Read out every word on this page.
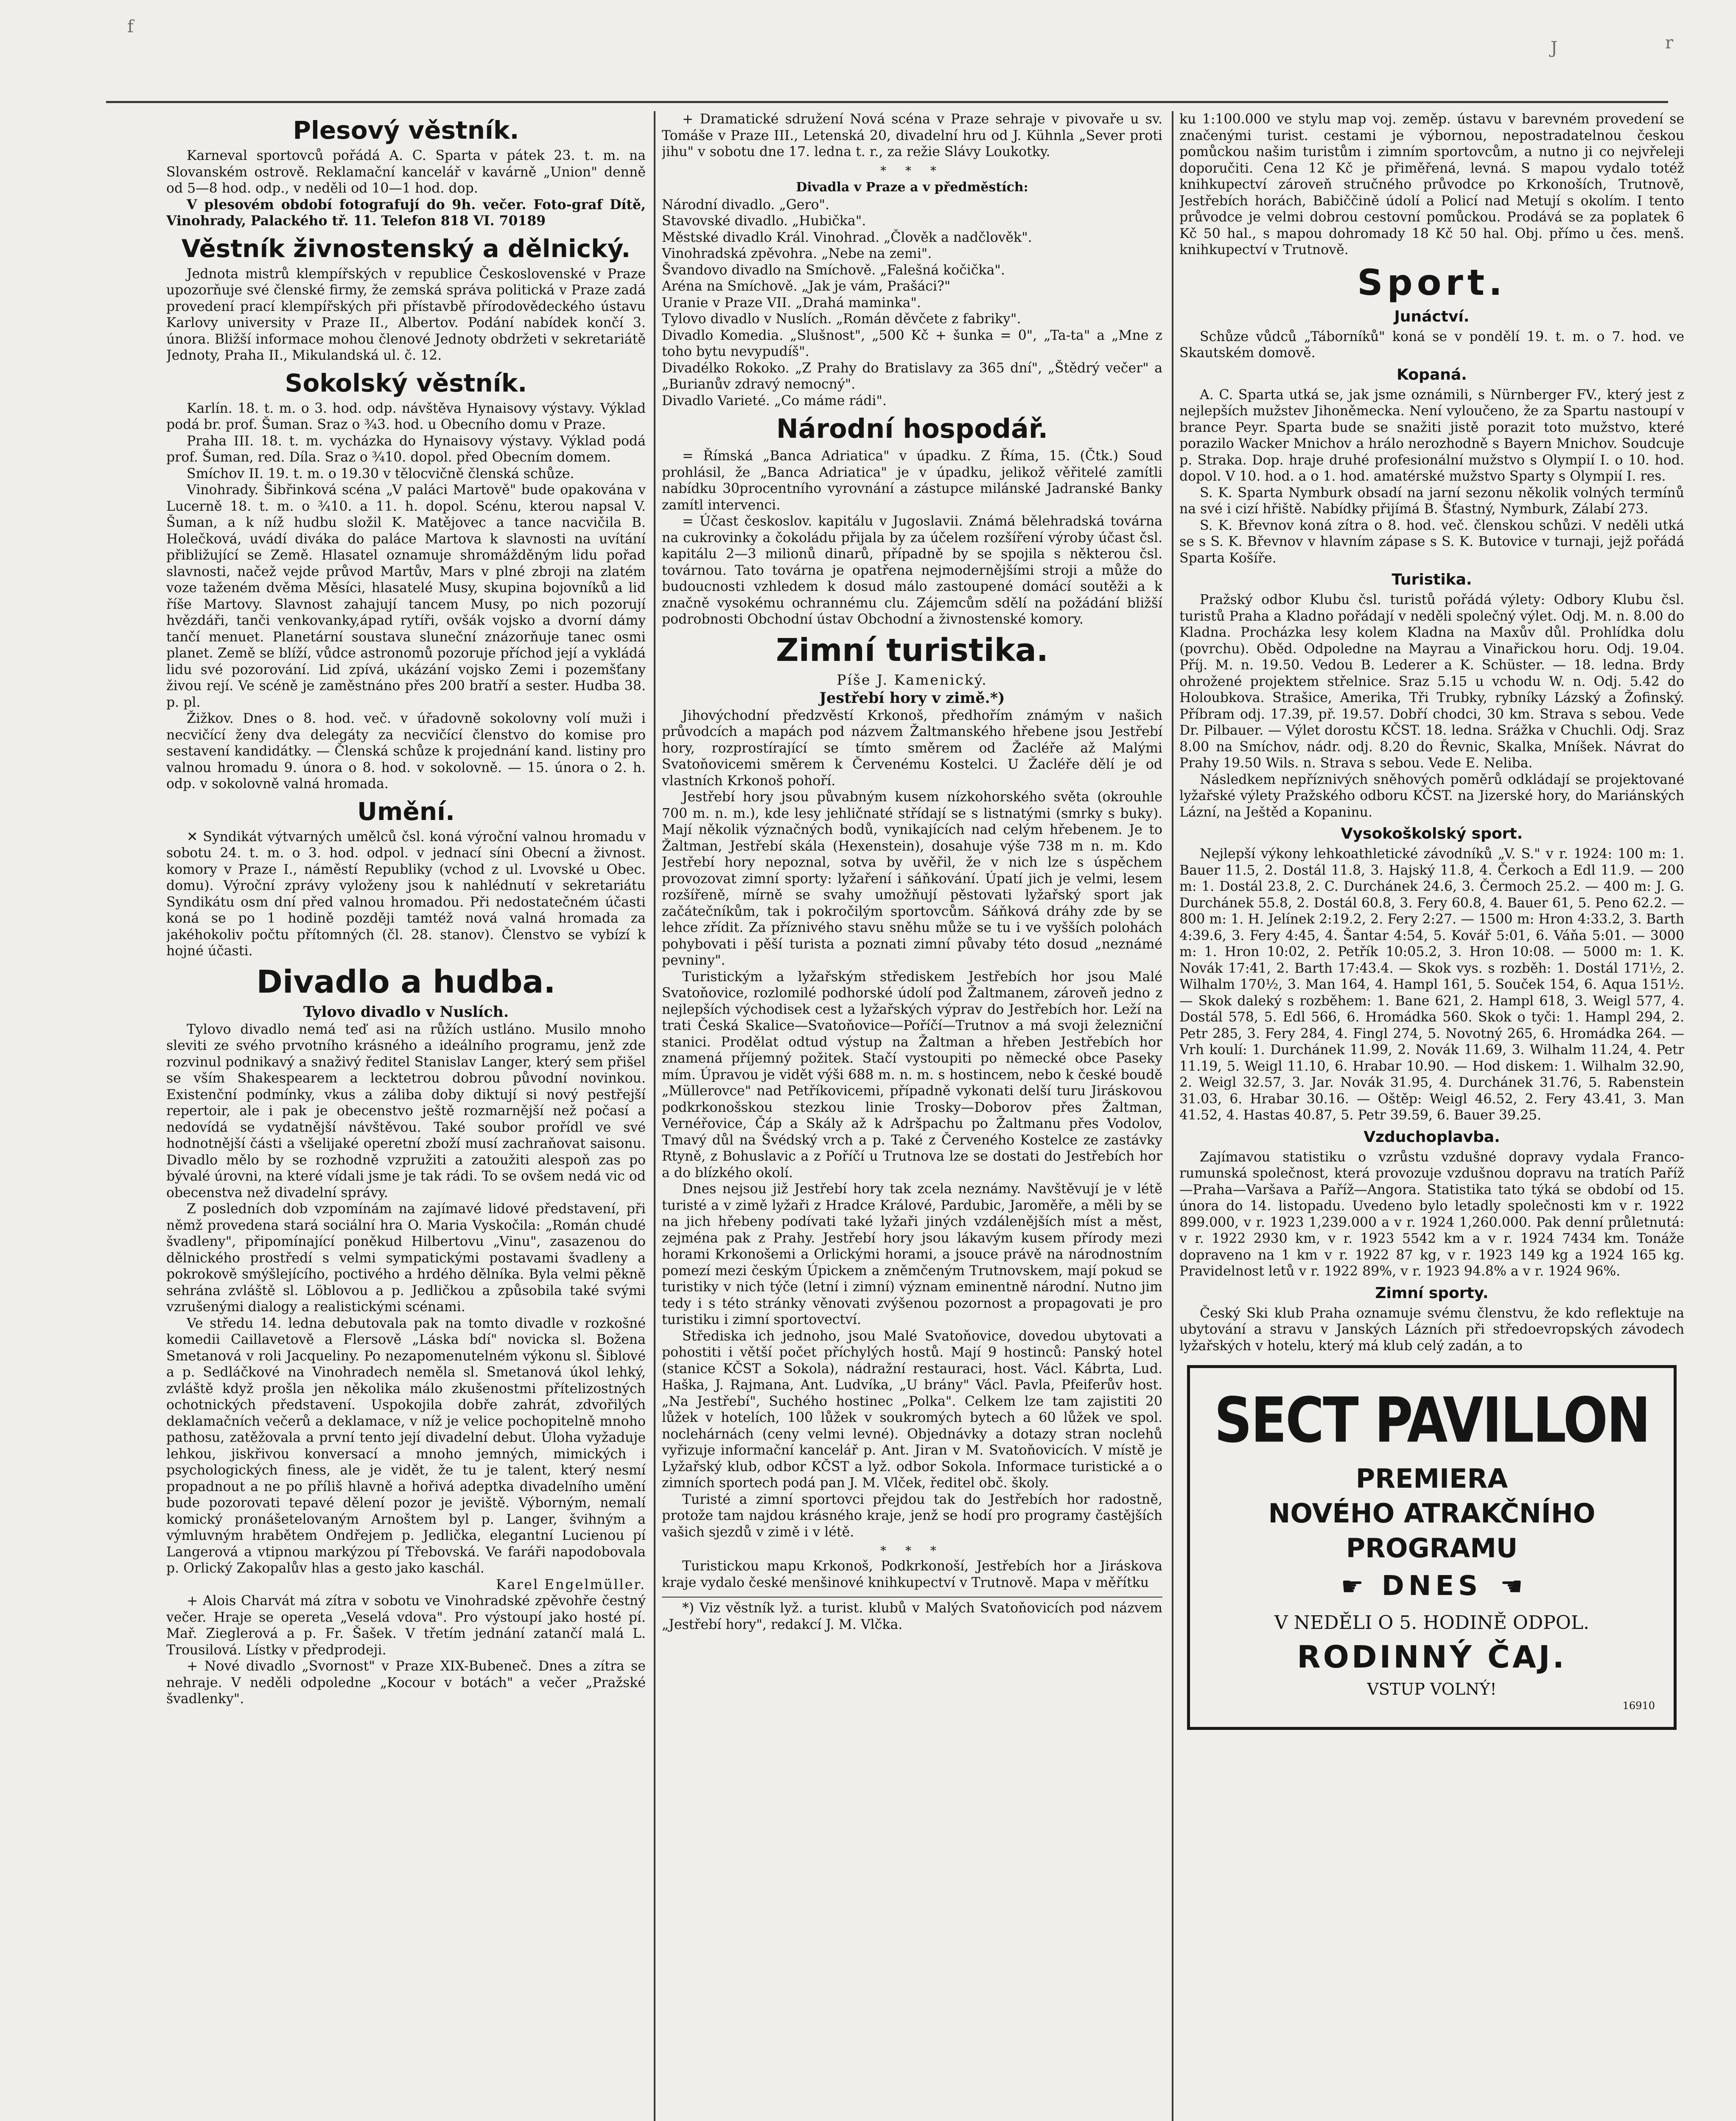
f
J	r
Plesový věstník.

Karneval sportovců pořádá A. C. Sparta v pátek 23. t. m. na Slovanském ostrově. Reklamační kancelář v kavárně „Union" denně od 5—8 hod. odp., v neděli od 10—1 hod. dop.

V plesovém období fotografují do 9h. večer. Foto-graf Dítě, Vinohrady, Palackého tř. 11. Telefon 818 VI. 70189

Věstník živnostenský a dělnický.

Jednota mistrů klempířských v republice Československé v Praze upozorňuje své členské firmy, že zemská správa politická v Praze zadá provedení prací klempířských při přístavbě přírodovědeckého ústavu Karlovy university v Praze II., Albertov. Podání nabídek končí 3. února. Bližší informace mohou členové Jednoty obdržeti v sekretariátě Jednoty, Praha II., Mikulandská ul. č. 12.

Sokolský věstník.

Karlín. 18. t. m. o 3. hod. odp. návštěva Hynaisovy výstavy. Výklad podá br. prof. Šuman. Sraz o ¾3. hod. u Obecního domu v Praze.

Praha III. 18. t. m. vycházka do Hynaisovy výstavy. Výklad podá prof. Šuman, red. Díla. Sraz o ¾10. dopol. před Obecním domem.

Smíchov II. 19. t. m. o 19.30 v tělocvičně členská schůze.

Vinohrady. Šibřinková scéna „V paláci Martově" bude opakována v Lucerně 18. t. m. o ¾10. a 11. h. dopol. Scénu, kterou napsal V. Šuman, a k níž hudbu složil K. Matějovec a tance nacvičila B. Holečková, uvádí diváka do paláce Martova k slavnosti na uvítání přibližující se Země. Hlasatel oznamuje shromážděným lidu pořad slavnosti, načež vejde průvod Martův, Mars v plné zbroji na zlatém voze taženém dvěma Měsíci, hlasatelé Musy, skupina bojovníků a lid říše Martovy. Slavnost zahajují tancem Musy, po nich pozorují hvězdáři, tanči venkovanky,ápad rytíři, ovšák vojsko a dvorní dámy tančí menuet. Planetární soustava sluneční znázorňuje tanec osmi planet. Země se blíží, vůdce astronomů pozoruje příchod její a vykládá lidu své pozorování. Lid zpívá, ukázání vojsko Zemi i pozemšťany živou rejí. Ve scéně je zaměstnáno přes 200 bratří a sester. Hudba 38. p. pl.

Žižkov. Dnes o 8. hod. več. v úřadovně sokolovny volí muži i necvičící ženy dva delegáty za necvičící členstvo do komise pro sestavení kandidátky. — Členská schůze k projednání kand. listiny pro valnou hromadu 9. února o 8. hod. v sokolovně. — 15. února o 2. h. odp. v sokolovně valná hromada.

Umění.

✕ Syndikát výtvarných umělců čsl. koná výroční valnou hromadu v sobotu 24. t. m. o 3. hod. odpol. v jednací síni Obecní a živnost. komory v Praze I., náměstí Republiky (vchod z ul. Lvovské u Obec. domu). Výroční zprávy vyloženy jsou k nahlédnutí v sekretariátu Syndikátu osm dní před valnou hromadou. Při nedostatečném účasti koná se po 1 hodině později tamtéž nová valná hromada za jakéhokoliv počtu přítomných (čl. 28. stanov). Členstvo se vybízí k hojné účasti.

Divadlo a hudba.
Tylovo divadlo v Nuslích.

Tylovo divadlo nemá teď asi na růžích ustláno. Musilo mnoho sleviti ze svého prvotního krásného a ideálního programu, jenž zde rozvinul podnikavý a snaživý ředitel Stanislav Langer, který sem přišel se vším Shakespearem a lecktetrou dobrou původní novinkou. Existenční podmínky, vkus a záliba doby diktují si nový pestřejší repertoir, ale i pak je obecenstvo ještě rozmarnější než počasí a nedovídá se vydatnější návštěvou. Také soubor prořídl ve své hodnotnější části a všelijaké operetní zboží musí zachraňovat saisonu. Divadlo mělo by se rozhodně vzpružiti a zatoužiti alespoň zas po bývalé úrovni, na které vídali jsme je tak rádi. To se ovšem nedá vic od obecenstva než divadelní správy.

Z posledních dob vzpomínám na zajímavé lidové představení, při němž provedena stará sociální hra O. Maria Vyskočila: „Román chudé švadleny", připomínající poněkud Hilbertovu „Vinu", zasazenou do dělnického prostředí s velmi sympatickými postavami švadleny a pokrokově smýšlejícího, poctivého a hrdého dělníka. Byla velmi pěkně sehrána zvláště sl. Löblovou a p. Jedličkou a způsobila také svými vzrušenými dialogy a realistickými scénami.

Ve středu 14. ledna debutovala pak na tomto divadle v rozkošné komedii Caillavetově a Flersově „Láska bdí" novicka sl. Božena Smetanová v roli Jacqueliny. Po nezapomenutelném výkonu sl. Šiblové a p. Sedláčkové na Vinohradech neměla sl. Smetanová úkol lehký, zvláště když prošla jen několika málo zkušenostmi přítelizostných ochotnických představení. Uspokojila dobře zahrát, zdvořilých deklamačních večerů a deklamace, v níž je velice pochopitelně mnoho pathosu, zatěžovala a první tento její divadelní debut. Úloha vyžaduje lehkou, jiskřivou konversací a mnoho jemných, mimických i psychologických finess, ale je vidět, že tu je talent, který nesmí propadnout a ne po příliš hlavně a hořivá adeptka divadelního umění bude pozorovati tepavé dělení pozor je jeviště. Výborným, nemalí komický pronášetelovaným Arnoštem byl p. Langer, švihným a výmluvným hrabětem Ondřejem p. Jedlička, elegantní Lucienou pí Langerová a vtipnou markýzou pí Třebovská. Ve faráři napodobovala p. Orlický Zakopalův hlas a gesto jako kaschál.

Karel Engelmüller.

+ Alois Charvát má zítra v sobotu ve Vinohradské zpěvohře čestný večer. Hraje se opereta „Veselá vdova". Pro výstoupí jako hosté pí. Mař. Zieglerová a p. Fr. Šašek. V třetím jednání zatančí malá L. Trousilová. Lístky v předprodeji.

+ Nové divadlo „Svornost" v Praze XIX-Bubeneč. Dnes a zítra se nehraje. V neděli odpoledne „Kocour v botách" a večer „Pražské švadlenky".

+ Dramatické sdružení Nová scéna v Praze sehraje v pivovaře u sv. Tomáše v Praze III., Letenská 20, divadelní hru od J. Kühnla „Sever proti jihu" v sobotu dne 17. ledna t. r., za režie Slávy Loukotky.

* * *
Divadla v Praze a v předměstích:

Národní divadlo. „Gero".

Stavovské divadlo. „Hubička".

Městské divadlo Král. Vinohrad. „Člověk a nadčlověk".

Vinohradská zpěvohra. „Nebe na zemi".

Švandovo divadlo na Smíchově. „Falešná kočička".

Aréna na Smíchově. „Jak je vám, Prašáci?"

Uranie v Praze VII. „Drahá maminka".

Tylovo divadlo v Nuslích. „Román děvčete z fabriky".

Divadlo Komedia. „Slušnost", „500 Kč + šunka = 0", „Ta-ta" a „Mne z toho bytu nevypudíš".

Divadélko Rokoko. „Z Prahy do Bratislavy za 365 dní", „Štědrý večer" a „Burianův zdravý nemocný".

Divadlo Varieté. „Co máme rádi".

Národní hospodář.

= Římská „Banca Adriatica" v úpadku. Z Říma, 15. (Čtk.) Soud prohlásil, že „Banca Adriatica" je v úpadku, jelikož věřitelé zamítli nabídku 30procentního vyrovnání a zástupce milánské Jadranské Banky zamítl intervenci.

= Účast českoslov. kapitálu v Jugoslavii. Známá bělehradská továrna na cukrovinky a čokoládu přijala by za účelem rozšíření výroby účast čsl. kapitálu 2—3 milionů dinarů, případně by se spojila s některou čsl. továrnou. Tato továrna je opatřena nejmodernějšími stroji a může do budoucnosti vzhledem k dosud málo zastoupené domácí soutěži a k značně vysokému ochrannému clu. Zájemcům sdělí na požádání bližší podrobnosti Obchodní ústav Obchodní a živnostenské komory.

Zimní turistika.
Píše J. Kamenický.
Jestřebí hory v zimě.*)

Jihovýchodní předzvěstí Krkonoš, předhořím známým v našich průvodcích a mapách pod názvem Žaltmanského hřebene jsou Jestřebí hory, rozprostírající se tímto směrem od Žacléře až Malými Svatoňovicemi směrem k Červenému Kostelci. U Žacléře dělí je od vlastních Krkonoš pohoří.

Jestřebí hory jsou půvabným kusem nízkohorského světa (okrouhle 700 m. n. m.), kde lesy jehličnaté střídají se s listnatými (smrky s buky). Mají několik význačných bodů, vynikajících nad celým hřebenem. Je to Žaltman, Jestřebí skála (Hexenstein), dosahuje výše 738 m n. m. Kdo Jestřebí hory nepoznal, sotva by uvěřil, že v nich lze s úspěchem provozovat zimní sporty: lyžaření i sáňkování. Úpatí jich je velmi, lesem rozšířeně, mírně se svahy umožňují pěstovati lyžařský sport jak začátečníkům, tak i pokročilým sportovcům. Sáňková dráhy zde by se lehce zřídit. Za příznivého stavu sněhu může se tu i ve vyšších polohách pohybovati i pěší turista a poznati zimní půvaby této dosud „neznámé pevniny".

Turistickým a lyžařským střediskem Jestřebích hor jsou Malé Svatoňovice, rozlomilé podhorské údolí pod Žaltmanem, zároveň jedno z nejlepších východisek cest a lyžařských výprav do Jestřebích hor. Leží na trati Česká Skalice—Svatoňovice—Poříčí—Trutnov a má svoji železniční stanici. Prodělat odtud výstup na Žaltman a hřeben Jestřebích hor znamená příjemný požitek. Stačí vystoupiti po německé obce Paseky mím. Úpravou je vidět výši 688 m. n. m. s hostincem, nebo k české boudě „Müllerovce" nad Petříkovicemi, případně vykonati delší turu Jiráskovou podkrkonošskou stezkou linie Trosky—Doborov přes Žaltman, Vernéřovice, Čáp a Skály až k Adršpachu po Žaltmanu přes Vodolov, Tmavý důl na Švédský vrch a p. Také z Červeného Kostelce ze zastávky Rtyně, z Bohuslavic a z Poříčí u Trutnova lze se dostati do Jestřebích hor a do blízkého okolí.

Dnes nejsou již Jestřebí hory tak zcela neznámy. Navštěvují je v létě turisté a v zimě lyžaři z Hradce Králové, Pardubic, Jaroměře, a měli by se na jich hřebeny podívati také lyžaři jiných vzdálenějších míst a měst, zejména pak z Prahy. Jestřebí hory jsou lákavým kusem přírody mezi horami Krkonošemi a Orlickými horami, a jsouce právě na národnostním pomezí mezi českým Úpickem a zněmčeným Trutnovskem, mají pokud se turistiky v nich týče (letní i zimní) význam eminentně národní. Nutno jim tedy i s této stránky věnovati zvýšenou pozornost a propagovati je pro turistiku i zimní sportovectví.

Střediska ich jednoho, jsou Malé Svatoňovice, dovedou ubytovati a pohostiti i větší počet příchylých hostů. Mají 9 hostinců: Panský hotel (stanice KČST a Sokola), nádražní restauraci, host. Václ. Kábrta, Lud. Haška, J. Rajmana, Ant. Ludvíka, „U brány" Václ. Pavla, Pfeiferův host. „Na Jestřebí", Suchého hostinec „Polka". Celkem lze tam zajistiti 20 lůžek v hotelích, 100 lůžek v soukromých bytech a 60 lůžek ve spol. noclehárnách (ceny velmi levné). Objednávky a dotazy stran noclehů vyřizuje informační kancelář p. Ant. Jiran v M. Svatoňovicích. V místě je Lyžařský klub, odbor KČST a lyž. odbor Sokola. Informace turistické a o zimních sportech podá pan J. M. Vlček, ředitel obč. školy.

Turisté a zimní sportovci přejdou tak do Jestřebích hor radostně, protože tam najdou krásného kraje, jenž se hodí pro programy častějších vašich sjezdů v zimě i v létě.

* * *

Turistickou mapu Krkonoš, Podkrkonoší, Jestřebích hor a Jiráskova kraje vydalo české menšinové knihkupectví v Trutnově. Mapa v měřítku

*) Viz věstník lyž. a turist. klubů v Malých Svatoňovicích pod názvem „Jestřebí hory", redakcí J. M. Vlčka.

ku 1:100.000 ve stylu map voj. zeměp. ústavu v barevném provedení se značenými turist. cestami je výbornou, nepostradatelnou českou pomůckou našim turistům i zimním sportovcům, a nutno ji co nejvřeleji doporučiti. Cena 12 Kč je přiměřená, levná. S mapou vydalo totéž knihkupectví zároveň stručného průvodce po Krkonoších, Trutnově, Jestřebích horách, Babiččině údolí a Policí nad Metují s okolím. I tento průvodce je velmi dobrou cestovní pomůckou. Prodává se za poplatek 6 Kč 50 hal., s mapou dohromady 18 Kč 50 hal. Obj. přímo u čes. menš. knihkupectví v Trutnově.

Sport.
Junáctví.

Schůze vůdců „Táborníků" koná se v pondělí 19. t. m. o 7. hod. ve Skautském domově.

Kopaná.

A. C. Sparta utká se, jak jsme oznámili, s Nürnberger FV., který jest z nejlepších mužstev Jihoněmecka. Není vyloučeno, že za Spartu nastoupí v brance Peyr. Sparta bude se snažiti jistě porazit toto mužstvo, které porazilo Wacker Mnichov a hrálo nerozhodně s Bayern Mnichov. Soudcuje p. Straka. Dop. hraje druhé profesionální mužstvo s Olympií I. o 10. hod. dopol. V 10. hod. a o 1. hod. amatérské mužstvo Sparty s Olympií I. res.

S. K. Sparta Nymburk obsadí na jarní sezonu několik volných termínů na své i cizí hřiště. Nabídky přijímá B. Šťastný, Nymburk, Zálabí 273.

S. K. Břevnov koná zítra o 8. hod. več. členskou schůzi. V neděli utká se s S. K. Břevnov v hlavním zápase s S. K. Butovice v turnaji, jejž pořádá Sparta Košíře.

Turistika.

Pražský odbor Klubu čsl. turistů pořádá výlety: Odbory Klubu čsl. turistů Praha a Kladno pořádají v neděli společný výlet. Odj. M. n. 8.00 do Kladna. Procházka lesy kolem Kladna na Maxův důl. Prohlídka dolu (povrchu). Oběd. Odpoledne na Mayrau a Vinařickou horu. Odj. 19.04. Příj. M. n. 19.50. Vedou B. Lederer a K. Schüster. — 18. ledna. Brdy ohrožené projektem střelnice. Sraz 5.15 u vchodu W. n. Odj. 5.42 do Holoubkova. Strašice, Amerika, Tři Trubky, rybníky Lázský a Žofinský. Příbram odj. 17.39, př. 19.57. Dobří chodci, 30 km. Strava s sebou. Vede Dr. Pilbauer. — Výlet dorostu KČST. 18. ledna. Srážka v Chuchli. Odj. Sraz 8.00 na Smíchov, nádr. odj. 8.20 do Řevnic, Skalka, Mníšek. Návrat do Prahy 19.50 Wils. n. Strava s sebou. Vede E. Neliba.

Následkem nepříznivých sněhových poměrů odkládají se projektované lyžařské výlety Pražského odboru KČST. na Jizerské hory, do Mariánských Lázní, na Ještěd a Kopaninu.

Vysokoškolský sport.

Nejlepší výkony lehkoathletické závodníků „V. S." v r. 1924: 100 m: 1. Bauer 11.5, 2. Dostál 11.8, 3. Hajský 11.8, 4. Čerkoch a Edl 11.9. — 200 m: 1. Dostál 23.8, 2. C. Durchánek 24.6, 3. Čermoch 25.2. — 400 m: J. G. Durchánek 55.8, 2. Dostál 60.8, 3. Fery 60.8, 4. Bauer 61, 5. Peno 62.2. — 800 m: 1. H. Jelínek 2:19.2, 2. Fery 2:27. — 1500 m: Hron 4:33.2, 3. Barth 4:39.6, 3. Fery 4:45, 4. Šantar 4:54, 5. Kovář 5:01, 6. Váňa 5:01. — 3000 m: 1. Hron 10:02, 2. Petřík 10:05.2, 3. Hron 10:08. — 5000 m: 1. K. Novák 17:41, 2. Barth 17:43.4. — Skok vys. s rozběh: 1. Dostál 171½, 2. Wilhalm 170½, 3. Man 164, 4. Hampl 161, 5. Souček 154, 6. Aqua 151½. — Skok daleký s rozběhem: 1. Bane 621, 2. Hampl 618, 3. Weigl 577, 4. Dostál 578, 5. Edl 566, 6. Hromádka 560. Skok o tyči: 1. Hampl 294, 2. Petr 285, 3. Fery 284, 4. Fingl 274, 5. Novotný 265, 6. Hromádka 264. — Vrh koulí: 1. Durchánek 11.99, 2. Novák 11.69, 3. Wilhalm 11.24, 4. Petr 11.19, 5. Weigl 11.10, 6. Hrabar 10.90. — Hod diskem: 1. Wilhalm 32.90, 2. Weigl 32.57, 3. Jar. Novák 31.95, 4. Durchánek 31.76, 5. Rabenstein 31.03, 6. Hrabar 30.16. — Oštěp: Weigl 46.52, 2. Fery 43.41, 3. Man 41.52, 4. Hastas 40.87, 5. Petr 39.59, 6. Bauer 39.25.

Vzduchoplavba.

Zajímavou statistiku o vzrůstu vzdušné dopravy vydala Franco-rumunská společnost, která provozuje vzdušnou dopravu na tratích Paříž—Praha—Varšava a Paříž—Angora. Statistika tato týká se období od 15. února do 14. listopadu. Uvedeno bylo letadly společnosti km v r. 1922 899.000, v r. 1923 1,239.000 a v r. 1924 1,260.000. Pak denní průletnutá: v r. 1922 2930 km, v r. 1923 5542 km a v r. 1924 7434 km. Tonáže dopraveno na 1 km v r. 1922 87 kg, v r. 1923 149 kg a 1924 165 kg. Pravidelnost letů v r. 1922 89%, v r. 1923 94.8% a v r. 1924 96%.

Zimní sporty.

Český Ski klub Praha oznamuje svému členstvu, že kdo reflektuje na ubytování a stravu v Janských Lázních při středoevropských závodech lyžařských v hotelu, který má klub celý zadán, a to

SECT PAVILLON
PREMIERA
NOVÉHO ATRAKČNÍHO
PROGRAMU
☛ DNES ☛
V NEDĚLI O 5. HODINĚ ODPOL.
RODINNÝ ČAJ.
VSTUP VOLNÝ!
16910
